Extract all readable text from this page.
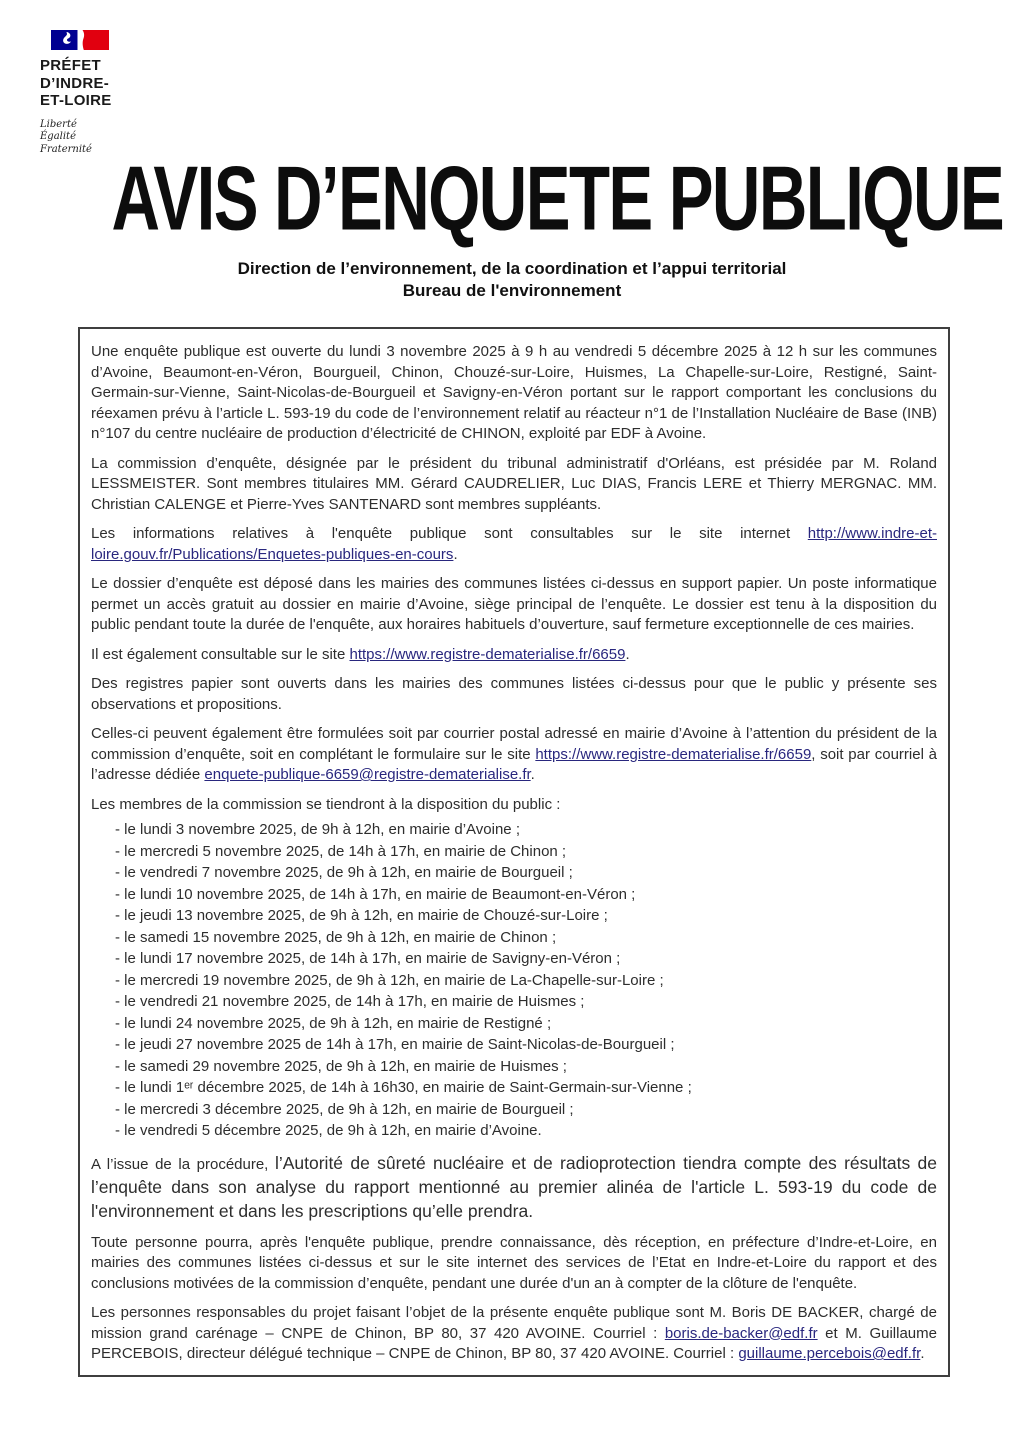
PRÉFET
D’INDRE-
ET-LOIRE
Liberté
Égalité
Fraternité AVIS D’ENQUETE PUBLIQUE
Direction de l’environnement, de la coordination et l’appui territorial
Bureau de l'environnement

Une enquête publique est ouverte du lundi 3 novembre 2025 à 9 h au vendredi 5 décembre 2025 à 12 h sur les communes d’Avoine, Beaumont-en-Véron, Bourgueil, Chinon, Chouzé-sur-Loire, Huismes, La Chapelle-sur-Loire, Restigné, Saint-Germain-sur-Vienne, Saint-Nicolas-de-Bourgueil et Savigny-en-Véron portant sur le rapport comportant les conclusions du réexamen prévu à l’article L. 593-19 du code de l’environnement relatif au réacteur n°1 de l’Installation Nucléaire de Base (INB) n°107 du centre nucléaire de production d’électricité de CHINON, exploité par EDF à Avoine.

La commission d’enquête, désignée par le président du tribunal administratif d'Orléans, est présidée par M. Roland LESSMEISTER. Sont membres titulaires MM. Gérard CAUDRELIER, Luc DIAS, Francis LERE et Thierry MERGNAC. MM. Christian CALENGE et Pierre-Yves SANTENARD sont membres suppléants.

Les informations relatives à l'enquête publique sont consultables sur le site internet http://www.indre-et-loire.gouv.fr/Publications/Enquetes-publiques-en-cours.

Le dossier d’enquête est déposé dans les mairies des communes listées ci-dessus en support papier. Un poste informatique permet un accès gratuit au dossier en mairie d’Avoine, siège principal de l’enquête. Le dossier est tenu à la disposition du public pendant toute la durée de l'enquête, aux horaires habituels d’ouverture, sauf fermeture exceptionnelle de ces mairies.

Il est également consultable sur le site https://www.registre-dematerialise.fr/6659.

Des registres papier sont ouverts dans les mairies des communes listées ci-dessus pour que le public y présente ses observations et propositions.

Celles-ci peuvent également être formulées soit par courrier postal adressé en mairie d’Avoine à l’attention du président de la commission d’enquête, soit en complétant le formulaire sur le site https://www.registre-dematerialise.fr/6659, soit par courriel à l’adresse dédiée enquete-publique-6659@registre-dematerialise.fr.

Les membres de la commission se tiendront à la disposition du public :

- le lundi 3 novembre 2025, de 9h à 12h, en mairie d’Avoine ;
- le mercredi 5 novembre 2025, de 14h à 17h, en mairie de Chinon ;
- le vendredi 7 novembre 2025, de 9h à 12h, en mairie de Bourgueil ;
- le lundi 10 novembre 2025, de 14h à 17h, en mairie de Beaumont-en-Véron ;
- le jeudi 13 novembre 2025, de 9h à 12h, en mairie de Chouzé-sur-Loire ;
- le samedi 15 novembre 2025, de 9h à 12h, en mairie de Chinon ;
- le lundi 17 novembre 2025, de 14h à 17h, en mairie de Savigny-en-Véron ;
- le mercredi 19 novembre 2025, de 9h à 12h, en mairie de La-Chapelle-sur-Loire ;
- le vendredi 21 novembre 2025, de 14h à 17h, en mairie de Huismes ;
- le lundi 24 novembre 2025, de 9h à 12h, en mairie de Restigné ;
- le jeudi 27 novembre 2025 de 14h à 17h, en mairie de Saint-Nicolas-de-Bourgueil ;
- le samedi 29 novembre 2025, de 9h à 12h, en mairie de Huismes ;
- le lundi 1ᵉʳ décembre 2025, de 14h à 16h30, en mairie de Saint-Germain-sur-Vienne ;
- le mercredi 3 décembre 2025, de 9h à 12h, en mairie de Bourgueil ;
- le vendredi 5 décembre 2025, de 9h à 12h, en mairie d’Avoine.

A l’issue de la procédure, l’Autorité de sûreté nucléaire et de radioprotection tiendra compte des résultats de l’enquête dans son analyse du rapport mentionné au premier alinéa de l'article L. 593-19 du code de l'environnement et dans les prescriptions qu’elle prendra.

Toute personne pourra, après l'enquête publique, prendre connaissance, dès réception, en préfecture d’Indre-et-Loire, en mairies des communes listées ci-dessus et sur le site internet des services de l’Etat en Indre-et-Loire du rapport et des conclusions motivées de la commission d’enquête, pendant une durée d'un an à compter de la clôture de l'enquête.

Les personnes responsables du projet faisant l’objet de la présente enquête publique sont M. Boris DE BACKER, chargé de mission grand carénage – CNPE de Chinon, BP 80, 37 420 AVOINE. Courriel : boris.de-backer@edf.fr et M. Guillaume PERCEBOIS, directeur délégué technique – CNPE de Chinon, BP 80, 37 420 AVOINE. Courriel : guillaume.percebois@edf.fr.
